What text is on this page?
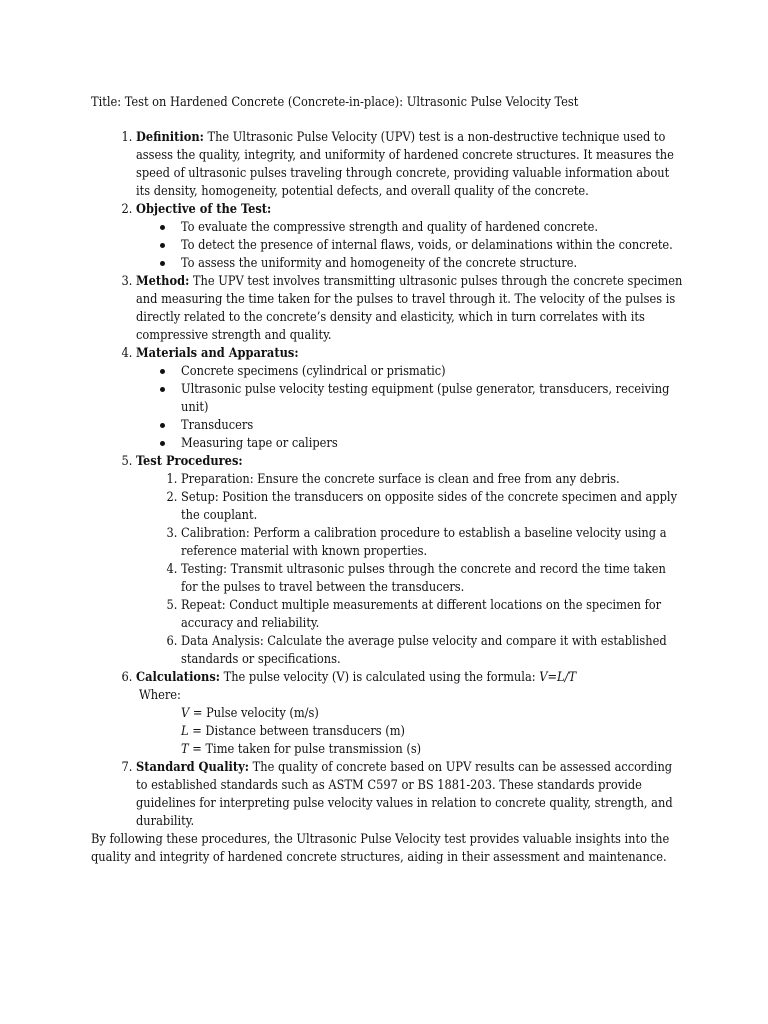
Title: Test on Hardened Concrete (Concrete-in-place): Ultrasonic Pulse Velocity Test
1. Definition: The Ultrasonic Pulse Velocity (UPV) test is a non-destructive technique used to assess the quality, integrity, and uniformity of hardened concrete structures. It measures the speed of ultrasonic pulses traveling through concrete, providing valuable information about its density, homogeneity, potential defects, and overall quality of the concrete.
2. Objective of the Test:
To evaluate the compressive strength and quality of hardened concrete.
To detect the presence of internal flaws, voids, or delaminations within the concrete.
To assess the uniformity and homogeneity of the concrete structure.
3. Method: The UPV test involves transmitting ultrasonic pulses through the concrete specimen and measuring the time taken for the pulses to travel through it. The velocity of the pulses is directly related to the concrete’s density and elasticity, which in turn correlates with its compressive strength and quality.
4. Materials and Apparatus:
Concrete specimens (cylindrical or prismatic)
Ultrasonic pulse velocity testing equipment (pulse generator, transducers, receiving unit)
Transducers
Measuring tape or calipers
5. Test Procedures:
1. Preparation: Ensure the concrete surface is clean and free from any debris.
2. Setup: Position the transducers on opposite sides of the concrete specimen and apply the couplant.
3. Calibration: Perform a calibration procedure to establish a baseline velocity using a reference material with known properties.
4. Testing: Transmit ultrasonic pulses through the concrete and record the time taken for the pulses to travel between the transducers.
5. Repeat: Conduct multiple measurements at different locations on the specimen for accuracy and reliability.
6. Data Analysis: Calculate the average pulse velocity and compare it with established standards or specifications.
6. Calculations: The pulse velocity (V) is calculated using the formula: V=L/T
Where:
V = Pulse velocity (m/s)
L = Distance between transducers (m)
T = Time taken for pulse transmission (s)
7. Standard Quality: The quality of concrete based on UPV results can be assessed according to established standards such as ASTM C597 or BS 1881-203. These standards provide guidelines for interpreting pulse velocity values in relation to concrete quality, strength, and durability.

By following these procedures, the Ultrasonic Pulse Velocity test provides valuable insights into the quality and integrity of hardened concrete structures, aiding in their assessment and maintenance.
